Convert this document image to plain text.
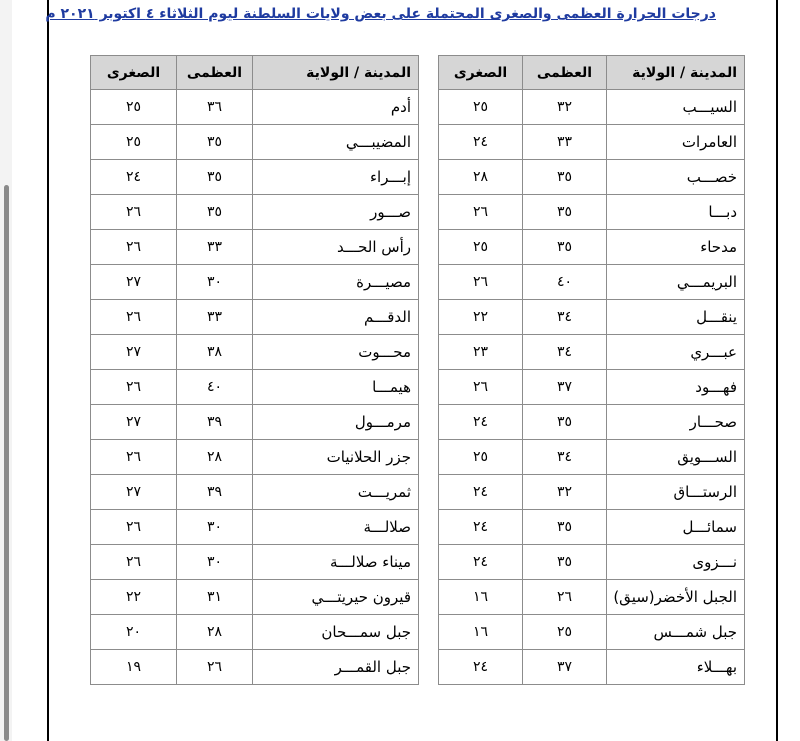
درجات الحرارة العظمى والصغرى المحتملة على بعض ولايات السلطنة ليوم الثلاثاء ٤ اكتوبر ٢٠٢١ م
المدينة / الولاية	العظمى	الصغرى
السيـــب	٣٢	٢٥
العامرات	٣٣	٢٤
خصـــب	٣٥	٢٨
دبـــا	٣٥	٢٦
مدحاء	٣٥	٢٥
البريمـــي	٤٠	٢٦
ينقـــل	٣٤	٢٢
عبـــري	٣٤	٢٣
فهـــود	٣٧	٢٦
صحـــار	٣٥	٢٤
الســـويق	٣٤	٢٥
الرستـــاق	٣٢	٢٤
سمائـــل	٣٥	٢٤
نـــزوى	٣٥	٢٤
الجبل الأخضر(سيق)	٢٦	١٦
جبل شمـــس	٢٥	١٦
بهـــلاء	٣٧	٢٤
المدينة / الولاية	العظمى	الصغرى
أدم	٣٦	٢٥
المضيبـــي	٣٥	٢٥
إبـــراء	٣٥	٢٤
صـــور	٣٥	٢٦
رأس الحـــد	٣٣	٢٦
مصيـــرة	٣٠	٢٧
الدقـــم	٣٣	٢٦
محـــوت	٣٨	٢٧
هيمـــا	٤٠	٢٦
مرمـــول	٣٩	٢٧
جزر الحلانيات	٢٨	٢٦
ثمريـــت	٣٩	٢٧
صلالـــة	٣٠	٢٦
ميناء صلالـــة	٣٠	٢٦
قيرون حيريتـــي	٣١	٢٢
جبل سمـــحان	٢٨	٢٠
جبل القمـــر	٢٦	١٩
